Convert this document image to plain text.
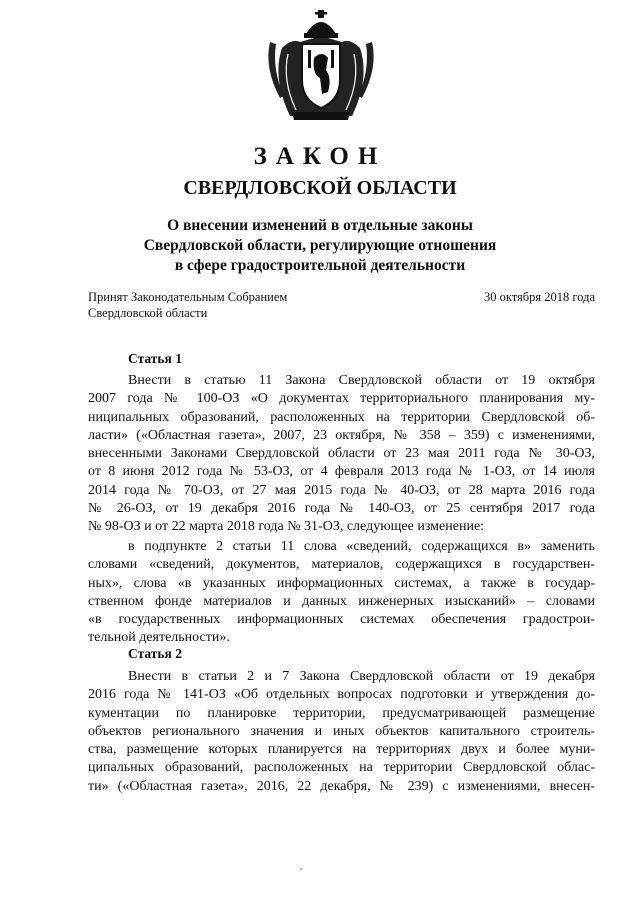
ЗАКОН
СВЕРДЛОВСКОЙ ОБЛАСТИ
О внесении изменений в отдельные законы
Свердловской области, регулирующие отношения
в сфере градостроительной деятельности
Принят Законодательным Собранием
Свердловской области
30 октября 2018 года
Статья 1
Внести в статью 11 Закона Свердловской области от 19 октября
2007 года № 100-ОЗ «О документах территориального планирования му-
ниципальных образований, расположенных на территории Свердловской об-
ласти» («Областная газета», 2007, 23 октября, № 358 – 359) с изменениями,
внесенными Законами Свердловской области от 23 мая 2011 года № 30-ОЗ,
от 8 июня 2012 года № 53-ОЗ, от 4 февраля 2013 года № 1-ОЗ, от 14 июля
2014 года № 70-ОЗ, от 27 мая 2015 года № 40-ОЗ, от 28 марта 2016 года
№ 26-ОЗ, от 19 декабря 2016 года № 140-ОЗ, от 25 сентября 2017 года
№ 98-ОЗ и от 22 марта 2018 года № 31-ОЗ, следующее изменение:
в подпункте 2 статьи 11 слова «сведений, содержащихся в» заменить
словами «сведений, документов, материалов, содержащихся в государствен-
ных», слова «в указанных информационных системах, а также в государ-
ственном фонде материалов и данных инженерных изысканий» – словами
«в государственных информационных системах обеспечения градострои-
тельной деятельности».
Статья 2
Внести в статьи 2 и 7 Закона Свердловской области от 19 декабря
2016 года № 141-ОЗ «Об отдельных вопросах подготовки и утверждения до-
кументации по планировке территории, предусматривающей размещение
объектов регионального значения и иных объектов капитального строитель-
ства, размещение которых планируется на территориях двух и более муни-
ципальных образований, расположенных на территории Свердловской облас-
ти» («Областная газета», 2016, 22 декабря, № 239) с изменениями, внесен-
